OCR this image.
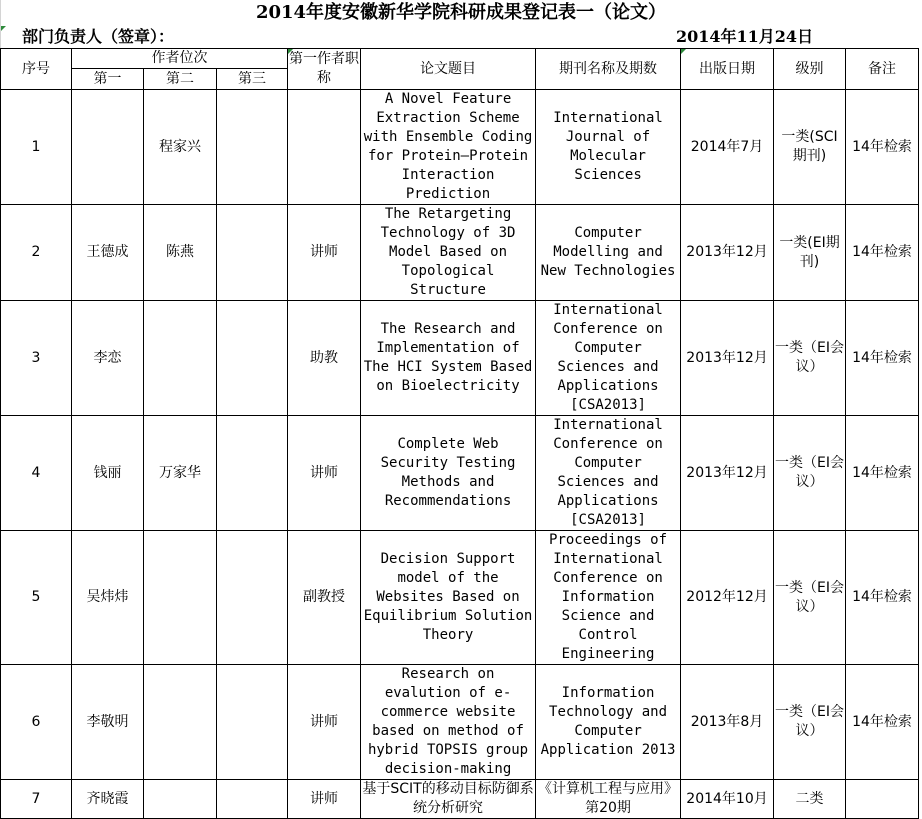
2014年度安徽新华学院科研成果登记表一（论文）
部门负责人（签章）：	2014年11月24日
序号	作者位次			第一作者职称	论文题目	期刊名称及期数	出版日期	级别	备注
	第一	第二	第三						
1		程家兴			A Novel Feature Extraction Scheme with Ensemble Coding for Protein–Protein Interaction Prediction	International Journal of Molecular Sciences	2014年7月	一类(SCI期刊)	14年检索
2	王德成	陈燕		讲师	The Retargeting Technology of 3D Model Based on Topological Structure	Computer Modelling and New Technologies	2013年12月	一类(EI期刊)	14年检索
3	李恋			助教	The Research and Implementation of The HCI System Based on Bioelectricity	International Conference on Computer Sciences and Applications [CSA2013]	2013年12月	一类（EI会议）	14年检索
4	钱丽	万家华		讲师	Complete Web Security Testing Methods and Recommendations	International Conference on Computer Sciences and Applications [CSA2013]	2013年12月	一类（EI会议）	14年检索
5	吴炜炜			副教授	Decision Support model of the Websites Based on Equilibrium Solution Theory	Proceedings of International Conference on Information Science and Control Engineering	2012年12月	一类（EI会议）	14年检索
6	李敬明			讲师	Research on evalution of e-commerce website based on method of hybrid TOPSIS group decision-making	Information Technology and Computer Application 2013	2013年8月	一类（EI会议）	14年检索
7	齐晓霞			讲师	基于SCIT的移动目标防御系统分析研究	《计算机工程与应用》第20期	2014年10月	二类	
